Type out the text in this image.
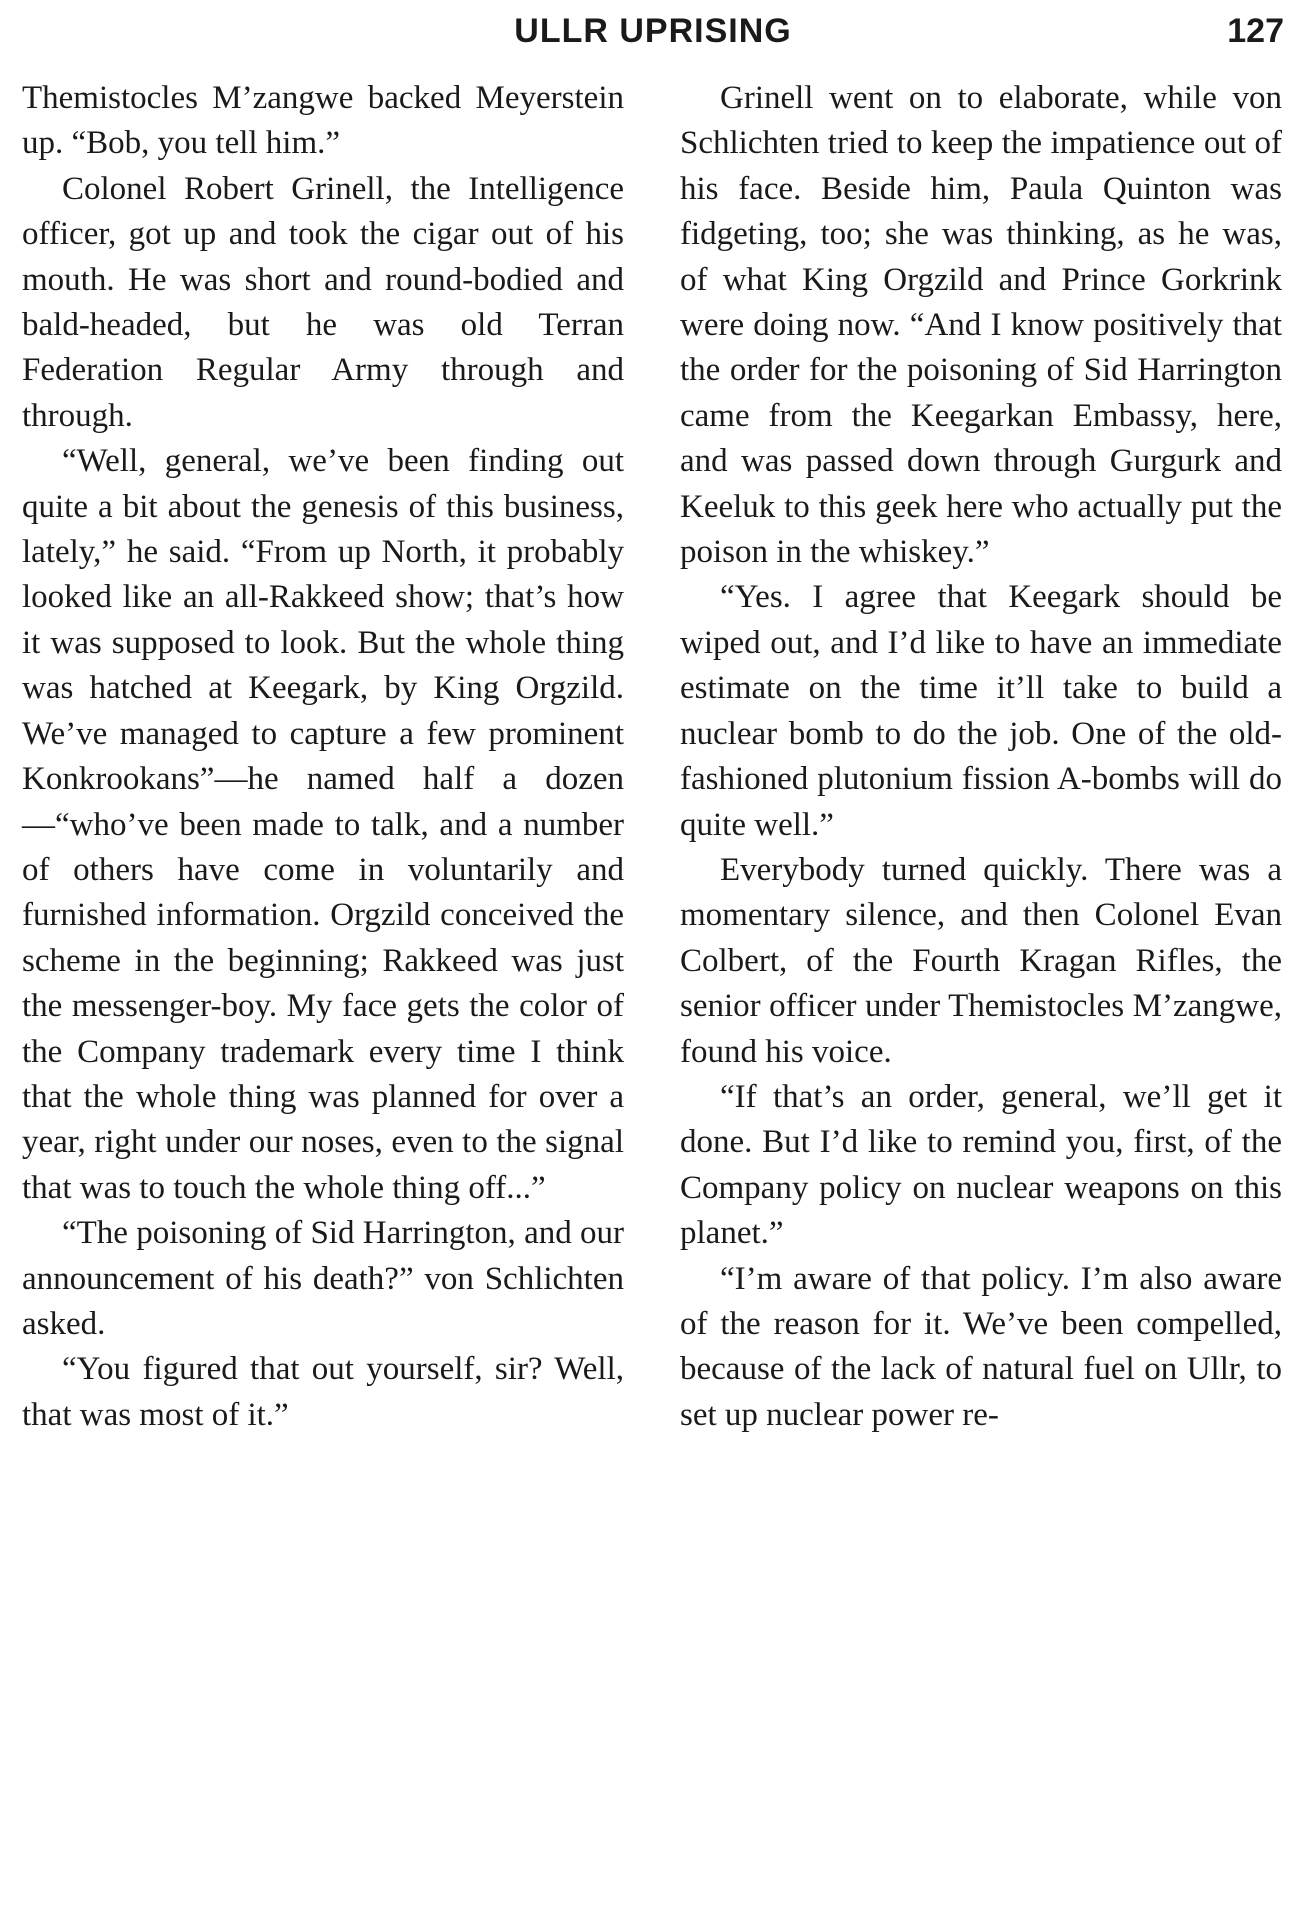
ULLR UPRISING	127

Themistocles M’zangwe backed Meyerstein up. “Bob, you tell him.”

Colonel Robert Grinell, the Intelligence officer, got up and took the cigar out of his mouth. He was short and round-bodied and bald-headed, but he was old Terran Federation Regular Army through and through.

“Well, general, we’ve been finding out quite a bit about the genesis of this business, lately,” he said. “From up North, it probably looked like an all-Rakkeed show; that’s how it was supposed to look. But the whole thing was hatched at Keegark, by King Orgzild. We’ve managed to capture a few prominent Konkrookans”—he named half a dozen—“who’ve been made to talk, and a number of others have come in voluntarily and furnished information. Orgzild conceived the scheme in the beginning; Rakkeed was just the messenger-boy. My face gets the color of the Company trademark every time I think that the whole thing was planned for over a year, right under our noses, even to the signal that was to touch the whole thing off...”

“The poisoning of Sid Harrington, and our announcement of his death?” von Schlichten asked.

“You figured that out yourself, sir? Well, that was most of it.”

Grinell went on to elaborate, while von Schlichten tried to keep the impatience out of his face. Beside him, Paula Quinton was fidgeting, too; she was thinking, as he was, of what King Orgzild and Prince Gorkrink were doing now. “And I know positively that the order for the poisoning of Sid Harrington came from the Keegarkan Embassy, here, and was passed down through Gurgurk and Keeluk to this geek here who actually put the poison in the whiskey.”

“Yes. I agree that Keegark should be wiped out, and I’d like to have an immediate estimate on the time it’ll take to build a nuclear bomb to do the job. One of the old-fashioned plutonium fission A-bombs will do quite well.”

Everybody turned quickly. There was a momentary silence, and then Colonel Evan Colbert, of the Fourth Kragan Rifles, the senior officer under Themistocles M’zangwe, found his voice.

“If that’s an order, general, we’ll get it done. But I’d like to remind you, first, of the Company policy on nuclear weapons on this planet.”

“I’m aware of that policy. I’m also aware of the reason for it. We’ve been compelled, because of the lack of natural fuel on Ullr, to set up nuclear power re-
